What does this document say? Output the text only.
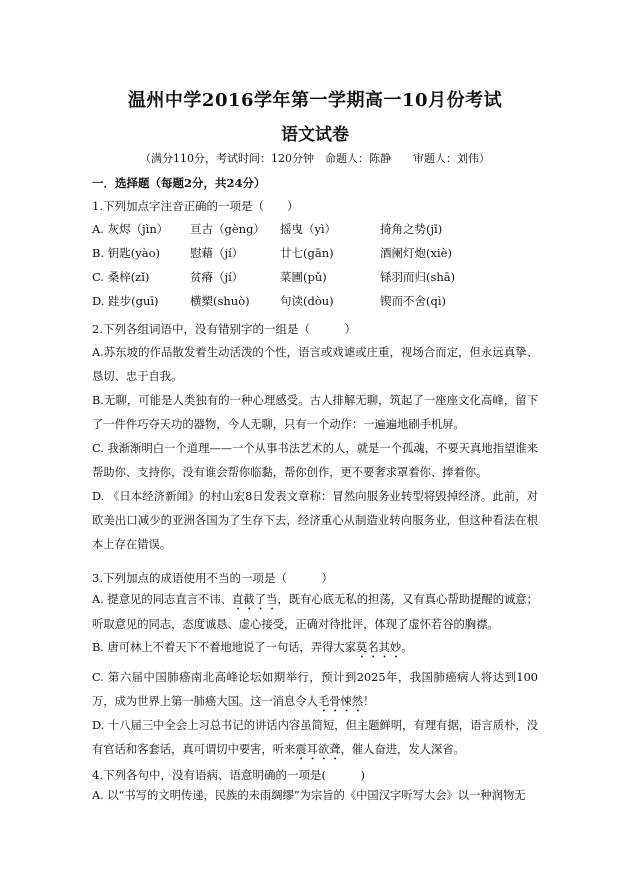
温州中学2016学年第一学期高一10月份考试
语文试卷
（满分110分，考试时间：120分钟　命题人：陈静　　审题人：刘伟）
一．选择题（每题2分，共24分）
1.下列加点字注音正确的一项是（　　）
A. 灰烬（jìn） 亘古（gèng） 摇曳（yì）	掎角之势(jī)
B. 钥匙(yào)	慰藉（jí）	廿七(gān)	酒阑灯炮(xiè)
C. 桑梓(zǐ)	贫瘠（jí）	菜圃(pǔ)	铩羽而归(shā)
D. 跬步(guī)	横槊(shuò)	句读(dòu)	锲而不舍(qì)
2.下列各组词语中，没有错别字的一组是（　　　）
A.苏东坡的作品散发着生动活泼的个性，语言或戏谑或庄重，视场合而定，但永远真挚、恳切、忠于自我。
B.无聊，可能是人类独有的一种心理感受。古人排解无聊，筑起了一座座文化高峰，留下了一件件巧夺天功的器物，今人无聊，只有一个动作：一遍遍地刷手机屏。
C. 我渐渐明白一个道理——一个从事书法艺术的人，就是一个孤魂，不要天真地指望谁来帮助你、支持你，没有谁会帮你临黏，帮你创作，更不要奢求罩着你、捧着你。
D. 《日本经济新闻》的村山宏8日发表文章称：冒然向服务业转型将毁掉经济。此前，对欧美出口减少的亚洲各国为了生存下去，经济重心从制造业转向服务业，但这种看法在根本上存在错误。
3.下列加点的成语使用不当的一项是（　　　）
A. 提意见的同志直言不讳、直截了当，既有心底无私的担荡，又有真心帮助提醒的诚意；听取意见的同志，态度诚恳、虚心接受，正确对待批评，体现了虚怀若谷的胸襟。
B. 唐可林上不着天下不着地地说了一句话，弄得大家莫名其妙。
C. 第六届中国肺癌南北高峰论坛如期举行，预计到2025年，我国肺癌病人将达到100万，成为世界上第一肺癌大国。这一消息令人毛骨悚然！
D. 十八届三中全会上习总书记的讲话内容虽简短，但主题鲜明，有理有据，语言质朴，没有官话和客套话，真可谓切中要害，听来震耳欲聋，催人奋进，发人深省。
4.下列各句中，没有语病、语意明确的一项是(　　　)
A. 以“书写的文明传递，民族的未雨绸缪”为宗旨的《中国汉字听写大会》以一种润物无
